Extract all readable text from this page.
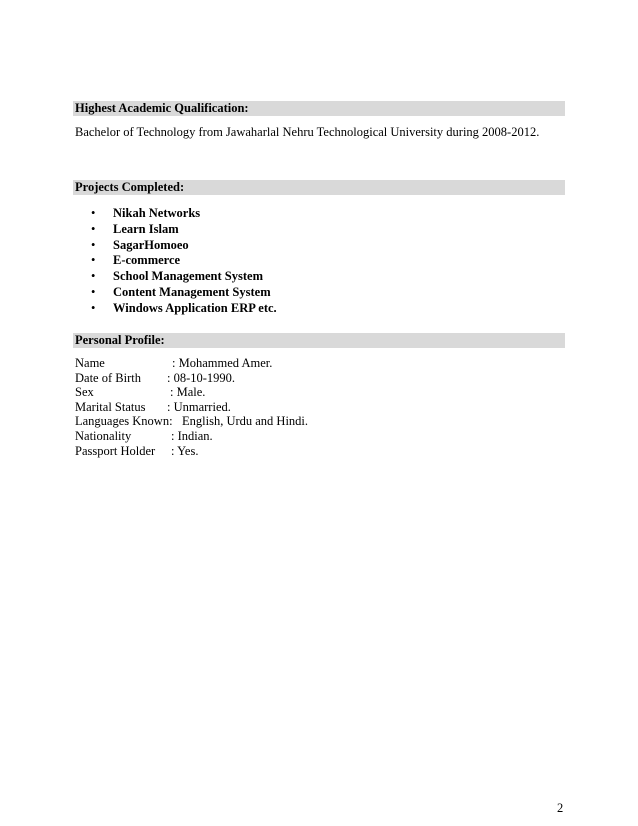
Highest Academic Qualification:
Bachelor of Technology from Jawaharlal Nehru Technological University during 2008-2012.
Projects Completed:
• Nikah Networks
• Learn Islam
• SagarHomoeo
• E-commerce
• School Management System
• Content Management System
• Windows Application ERP etc.
Personal Profile:
Name	: Mohammed Amer.
Date of Birth : 08-10-1990.
Sex	: Male.
Marital Status : Unmarried.
Languages Known: English, Urdu and Hindi.
Nationality	: Indian.
Passport Holder : Yes.
2
